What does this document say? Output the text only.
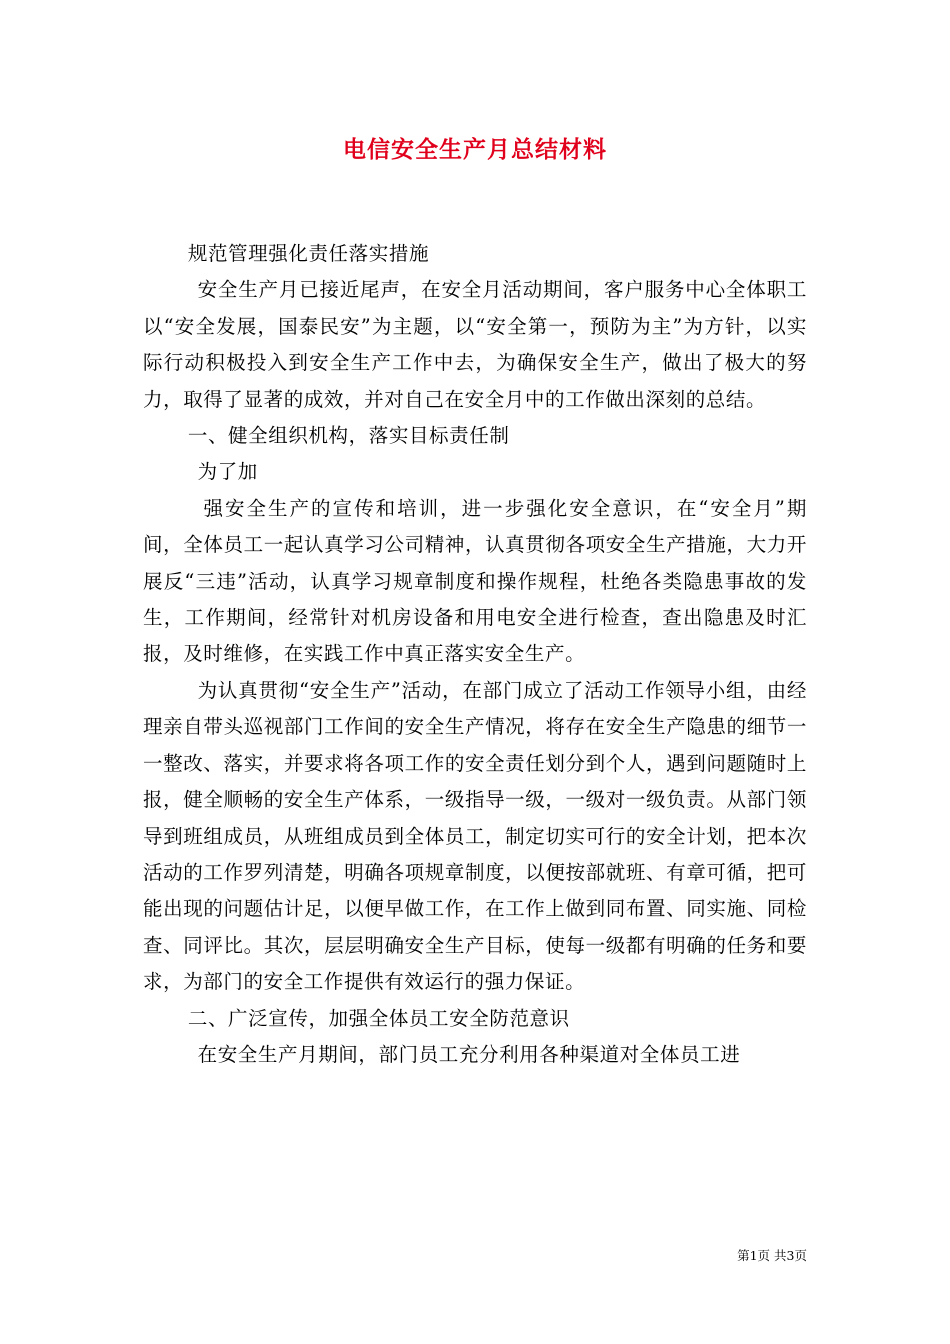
电信安全生产月总结材料

规范管理强化责任落实措施

安全生产月已接近尾声，在安全月活动期间，客户服务中心全体职工以“安全发展，国泰民安”为主题，以“安全第一，预防为主”为方针，以实际行动积极投入到安全生产工作中去，为确保安全生产，做出了极大的努力，取得了显著的成效，并对自己在安全月中的工作做出深刻的总结。

一、健全组织机构，落实目标责任制

为了加

强安全生产的宣传和培训，进一步强化安全意识，在“安全月”期间，全体员工一起认真学习公司精神，认真贯彻各项安全生产措施，大力开展反“三违”活动，认真学习规章制度和操作规程，杜绝各类隐患事故的发生，工作期间，经常针对机房设备和用电安全进行检查，查出隐患及时汇报，及时维修，在实践工作中真正落实安全生产。

为认真贯彻“安全生产”活动，在部门成立了活动工作领导小组，由经理亲自带头巡视部门工作间的安全生产情况，将存在安全生产隐患的细节一一整改、落实，并要求将各项工作的安全责任划分到个人，遇到问题随时上报，健全顺畅的安全生产体系，一级指导一级，一级对一级负责。从部门领导到班组成员，从班组成员到全体员工，制定切实可行的安全计划，把本次活动的工作罗列清楚，明确各项规章制度，以便按部就班、有章可循，把可能出现的问题估计足，以便早做工作，在工作上做到同布置、同实施、同检查、同评比。其次，层层明确安全生产目标，使每一级都有明确的任务和要求，为部门的安全工作提供有效运行的强力保证。

二、广泛宣传，加强全体员工安全防范意识

在安全生产月期间，部门员工充分利用各种渠道对全体员工进

第1页 共3页
